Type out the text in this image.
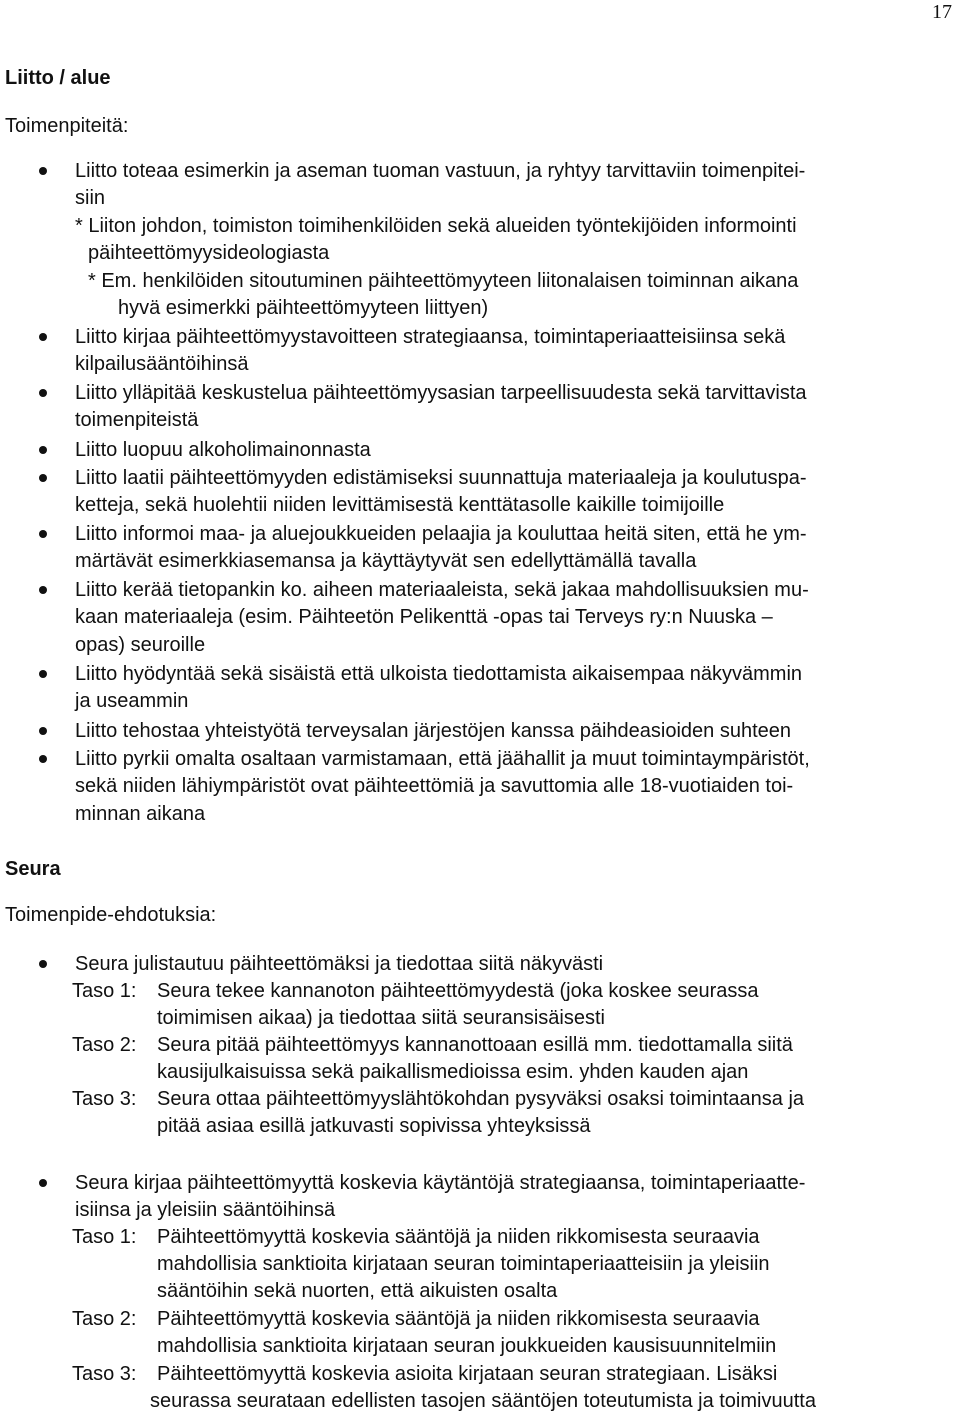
17
Liitto / alue
Toimenpiteitä:
Liitto toteaa esimerkin ja aseman tuoman vastuun, ja ryhtyy tarvittaviin toimenpitei-
siin
* Liiton johdon, toimiston toimihenkilöiden sekä alueiden työntekijöiden informointi
päihteettömyysideologiasta
* Em. henkilöiden sitoutuminen päihteettömyyteen liitonalaisen toiminnan aikana
hyvä esimerkki päihteettömyyteen liittyen)
Liitto kirjaa päihteettömyystavoitteen strategiaansa, toimintaperiaatteisiinsa sekä
kilpailusääntöihinsä
Liitto ylläpitää keskustelua päihteettömyysasian tarpeellisuudesta sekä tarvittavista
toimenpiteistä
Liitto luopuu alkoholimainonnasta
Liitto laatii päihteettömyyden edistämiseksi suunnattuja materiaaleja ja koulutuspa-
ketteja, sekä huolehtii niiden levittämisestä kenttätasolle kaikille toimijoille
Liitto informoi maa- ja aluejoukkueiden pelaajia ja kouluttaa heitä siten, että he ym-
märtävät esimerkkiasemansa ja käyttäytyvät sen edellyttämällä tavalla
Liitto kerää tietopankin ko. aiheen materiaaleista, sekä jakaa mahdollisuuksien mu-
kaan materiaaleja (esim. Päihteetön Pelikenttä -opas tai Terveys ry:n Nuuska –
opas) seuroille
Liitto hyödyntää sekä sisäistä että ulkoista tiedottamista aikaisempaa näkyvämmin
ja useammin
Liitto tehostaa yhteistyötä terveysalan järjestöjen kanssa päihdeasioiden suhteen
Liitto pyrkii omalta osaltaan varmistamaan, että jäähallit ja muut toimintaympäristöt,
sekä niiden lähiympäristöt ovat päihteettömiä ja savuttomia alle 18-vuotiaiden toi-
minnan aikana
Seura
Toimenpide-ehdotuksia:
Seura julistautuu päihteettömäksi ja tiedottaa siitä näkyvästi
Taso 1: Seura tekee kannanoton päihteettömyydestä (joka koskee seurassa
toimimisen aikaa) ja tiedottaa siitä seuransisäisesti
Taso 2: Seura pitää päihteettömyys kannanottoaan esillä mm. tiedottamalla siitä
kausijulkaisuissa sekä paikallismedioissa esim. yhden kauden ajan
Taso 3: Seura ottaa päihteettömyyslähtökohdan pysyväksi osaksi toimintaansa ja
pitää asiaa esillä jatkuvasti sopivissa yhteyksissä
Seura kirjaa päihteettömyyttä koskevia käytäntöjä strategiaansa, toimintaperiaatte-
isiinsa ja yleisiin sääntöihinsä
Taso 1: Päihteettömyyttä koskevia sääntöjä ja niiden rikkomisesta seuraavia
mahdollisia sanktioita kirjataan seuran toimintaperiaatteisiin ja yleisiin
sääntöihin sekä nuorten, että aikuisten osalta
Taso 2: Päihteettömyyttä koskevia sääntöjä ja niiden rikkomisesta seuraavia
mahdollisia sanktioita kirjataan seuran joukkueiden kausisuunnitelmiin
Taso 3: Päihteettömyyttä koskevia asioita kirjataan seuran strategiaan. Lisäksi
seurassa seurataan edellisten tasojen sääntöjen toteutumista ja toimivuutta
